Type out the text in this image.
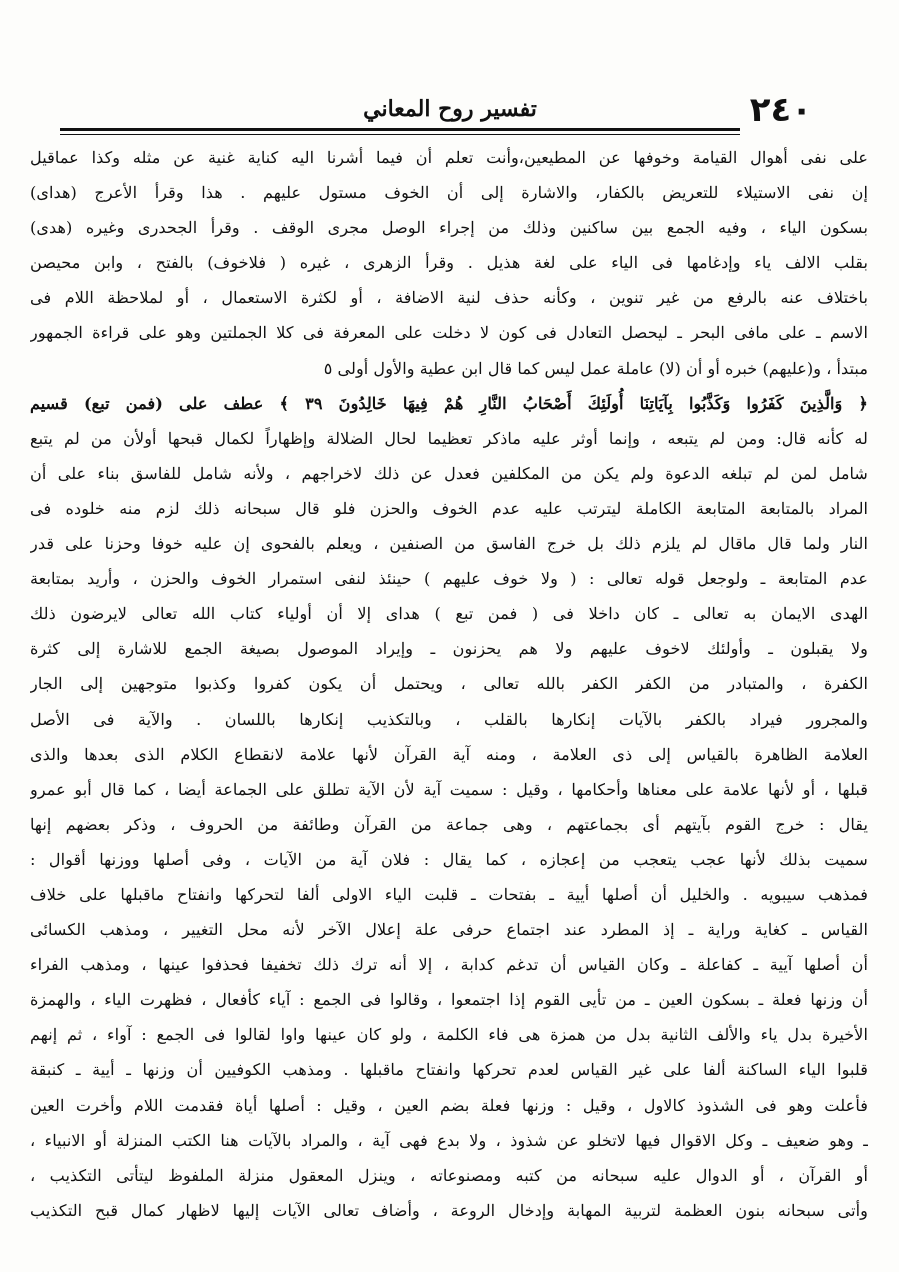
٢٤٠
تفسير روح المعاني
على نفى أهوال القيامة وخوفها عن المطيعين،وأنت تعلم أن فيما أشرنا اليه كناية غنية عن مثله وكذا عماقيل
إن نفى الاستيلاء للتعريض بالكفار، والاشارة إلى أن الخوف مستول عليهم . هذا وقرأ الأعرج (هداى)
بسكون الياء ، وفيه الجمع بين ساكنين وذلك من إجراء الوصل مجرى الوقف . وقرأ الجحدرى وغيره (هدى)
بقلب الالف ياء وإدغامها فى الياء على لغة هذيل . وقرأ الزهرى ، غيره ( فلاخوف) بالفتح ، وابن محيصن
باختلاف عنه بالرفع من غير تنوين ، وكأنه حذف لنية الاضافة ، أو لكثرة الاستعمال ، أو لملاحظة اللام فى
الاسم ـ على مافى البحر ـ ليحصل التعادل فى كون لا دخلت على المعرفة فى كلا الجملتين وهو على قراءة الجمهور
مبتدأ ، و(عليهم) خبره أو أن (لا) عاملة عمل ليس كما قال ابن عطية والأول أولى ٥
﴿ وَالَّذِينَ كَفَرُوا وَكَذَّبُوا بِآيَاتِنَا أُولَئِكَ أَصْحَابُ النَّارِ هُمْ فِيهَا خَالِدُونَ ٣٩ ﴾ عطف على (فمن تبع) قسيم
له كأنه قال: ومن لم يتبعه ، وإنما أوثر عليه ماذكر تعظيما لحال الضلالة وإظهاراً لكمال قبحها أولأن من لم يتبع
شامل لمن لم تبلغه الدعوة ولم يكن من المكلفين فعدل عن ذلك لاخراجهم ، ولأنه شامل للفاسق بناء على أن
المراد بالمتابعة المتابعة الكاملة ليترتب عليه عدم الخوف والحزن فلو قال سبحانه ذلك لزم منه خلوده فى
النار ولما قال ماقال لم يلزم ذلك بل خرج الفاسق من الصنفين ، ويعلم بالفحوى إن عليه خوفا وحزنا على قدر
عدم المتابعة ـ ولوجعل قوله تعالى : ( ولا خوف عليهم ) حينئذ لنفى استمرار الخوف والحزن ، وأريد بمتابعة
الهدى الايمان به تعالى ـ كان داخلا فى ( فمن تبع ) هداى إلا أن أولياء كتاب الله تعالى لايرضون ذلك
ولا يقبلون ـ وأولئك لاخوف عليهم ولا هم يحزنون ـ وإيراد الموصول بصيغة الجمع للاشارة إلى كثرة
الكفرة ، والمتبادر من الكفر الكفر بالله تعالى ، ويحتمل أن يكون كفروا وكذبوا متوجهين إلى الجار
والمجرور فيراد بالكفر بالآيات إنكارها بالقلب ، وبالتكذيب إنكارها باللسان . والآية فى الأصل
العلامة الظاهرة بالقياس إلى ذى العلامة ، ومنه آية القرآن لأنها علامة لانقطاع الكلام الذى بعدها والذى
قبلها ، أو لأنها علامة على معناها وأحكامها ، وقيل : سميت آية لأن الآية تطلق على الجماعة أيضا ، كما قال أبو عمرو
يقال : خرج القوم بآيتهم أى بجماعتهم ، وهى جماعة من القرآن وطائفة من الحروف ، وذكر بعضهم إنها
سميت بذلك لأنها عجب يتعجب من إعجازه ، كما يقال : فلان آية من الآيات ، وفى أصلها ووزنها أقوال :
فمذهب سيبويه . والخليل أن أصلها أيية ـ بفتحات ـ قلبت الياء الاولى ألفا لتحركها وانفتاح ماقبلها على خلاف
القياس ـ كغاية وراية ـ إذ المطرد عند اجتماع حرفى علة إعلال الآخر لأنه محل التغيير ، ومذهب الكسائى
أن أصلها آيية ـ كفاعلة ـ وكان القياس أن تدغم كدابة ، إلا أنه ترك ذلك تخفيفا فحذفوا عينها ، ومذهب الفراء
أن وزنها فعلة ـ بسكون العين ـ من تأيى القوم إذا اجتمعوا ، وقالوا فى الجمع : آياء كأفعال ، فظهرت الياء ، والهمزة
الأخيرة بدل ياء والألف الثانية بدل من همزة هى فاء الكلمة ، ولو كان عينها واوا لقالوا فى الجمع : آواء ، ثم إنهم
قلبوا الياء الساكنة ألفا على غير القياس لعدم تحركها وانفتاح ماقبلها . ومذهب الكوفيين أن وزنها ـ أيية ـ كنبقة
فأعلت وهو فى الشذوذ كالاول ، وقيل : وزنها فعلة بضم العين ، وقيل : أصلها أياة فقدمت اللام وأخرت العين
ـ وهو ضعيف ـ وكل الاقوال فيها لاتخلو عن شذوذ ، ولا بدع فهى آية ، والمراد بالآيات هنا الكتب المنزلة أو الانبياء ،
أو القرآن ، أو الدوال عليه سبحانه من كتبه ومصنوعاته ، وينزل المعقول منزلة الملفوظ ليتأتى التكذيب ،
وأتى سبحانه بنون العظمة لتربية المهابة وإدخال الروعة ، وأضاف تعالى الآيات إليها لاظهار كمال قبح التكذيب
